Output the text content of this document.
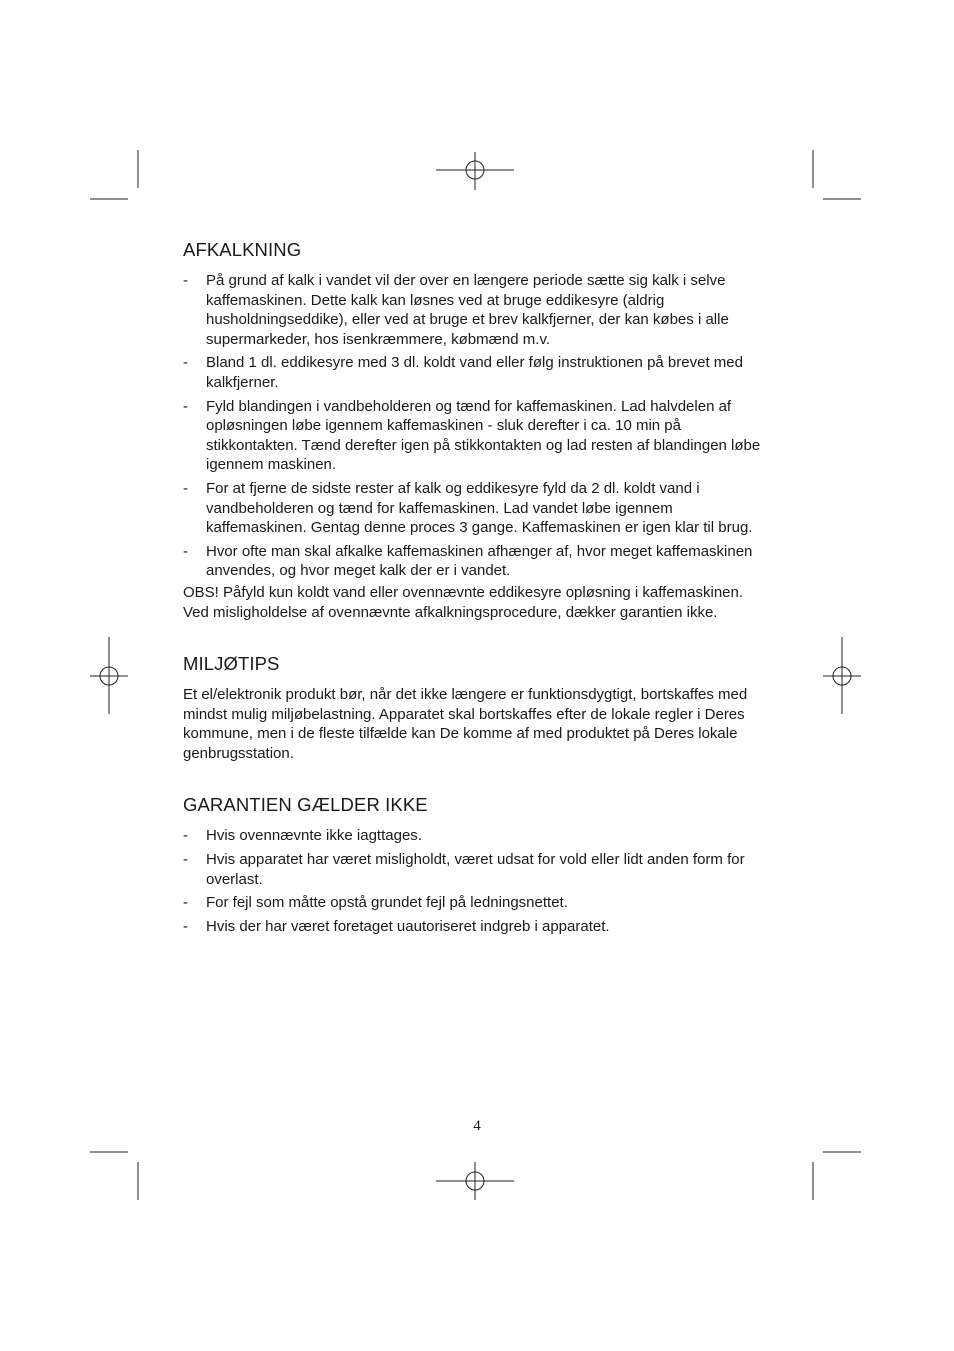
AFKALKNING
- På grund af kalk i vandet vil der over en længere periode sætte sig kalk i selve kaffemaskinen. Dette kalk kan løsnes ved at bruge eddikesyre (aldrig husholdningseddike), eller ved at bruge et brev kalkfjerner, der kan købes i alle supermarkeder, hos isenkræmmere, købmænd m.v.
- Bland 1 dl. eddikesyre med 3 dl. koldt vand eller følg instruktionen på brevet med kalkfjerner.
- Fyld blandingen i vandbeholderen og tænd for kaffemaskinen. Lad halvdelen af opløsningen løbe igennem kaffemaskinen - sluk derefter i ca. 10 min på stikkontakten. Tænd derefter igen på stikkontakten og lad resten af blandingen løbe igennem maskinen.
- For at fjerne de sidste rester af kalk og eddikesyre fyld da 2 dl. koldt vand i vandbeholderen og tænd for kaffemaskinen. Lad vandet løbe igennem kaffemaskinen. Gentag denne proces 3 gange. Kaffemaskinen er igen klar til brug.
- Hvor ofte man skal afkalke kaffemaskinen afhænger af, hvor meget kaffemaskinen anvendes, og hvor meget kalk der er i vandet.

OBS! Påfyld kun koldt vand eller ovennævnte eddikesyre opløsning i kaffemaskinen. Ved misligholdelse af ovennævnte afkalkningsprocedure, dækker garantien ikke.

MILJØTIPS

Et el/elektronik produkt bør, når det ikke længere er funktionsdygtigt, bortskaffes med mindst mulig miljøbelastning. Apparatet skal bortskaffes efter de lokale regler i Deres kommune, men i de fleste tilfælde kan De komme af med produktet på Deres lokale genbrugsstation.

GARANTIEN GÆLDER IKKE
- Hvis ovennævnte ikke iagttages.
- Hvis apparatet har været misligholdt, været udsat for vold eller lidt anden form for overlast.
- For fejl som måtte opstå grundet fejl på ledningsnettet.
- Hvis der har været foretaget uautoriseret indgreb i apparatet.
4
